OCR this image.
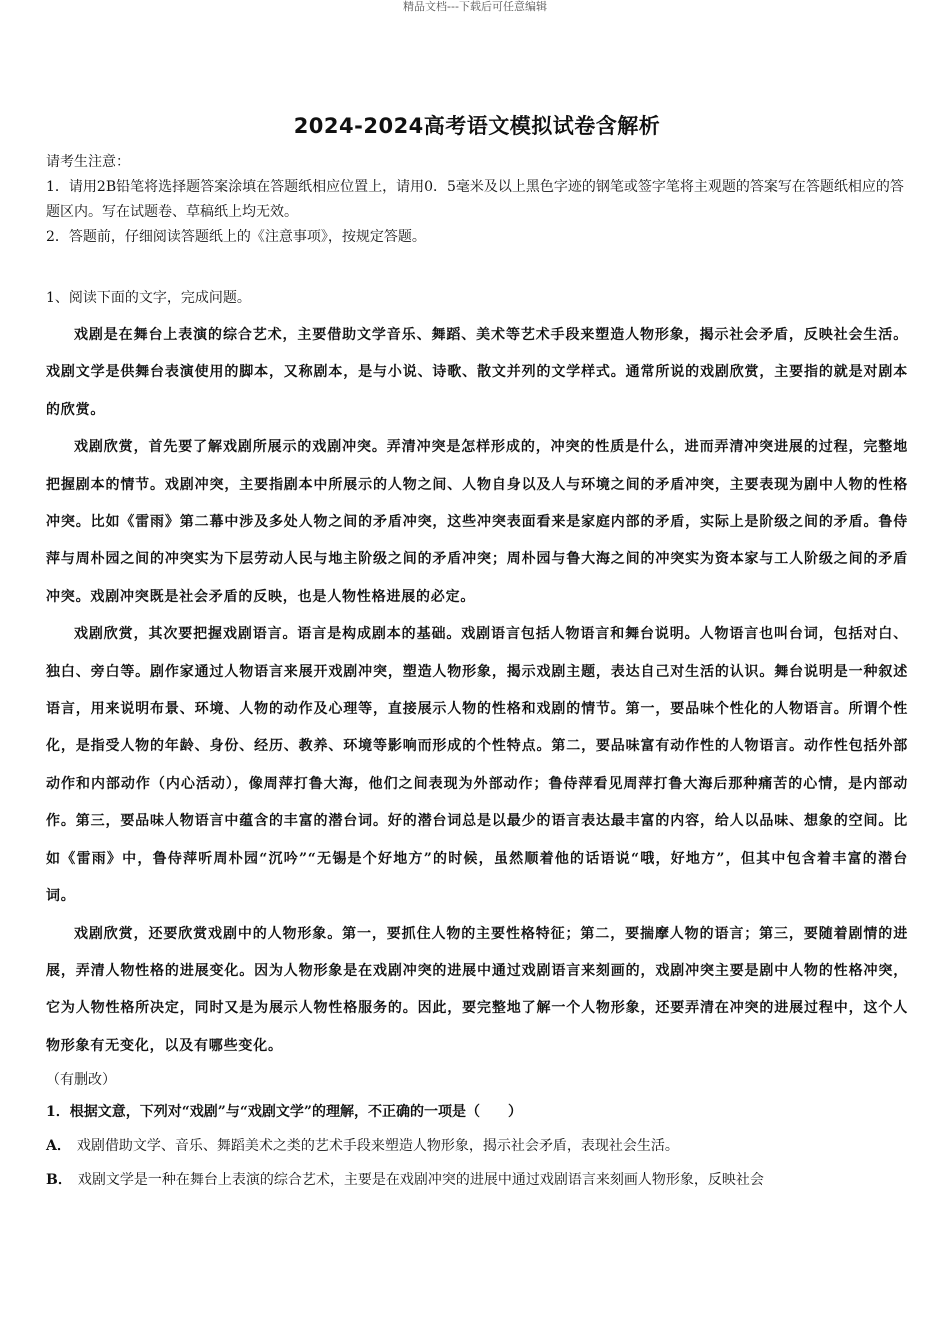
精品文档---下载后可任意编辑
2024-2024高考语文模拟试卷含解析

请考生注意：

1．请用2B铅笔将选择题答案涂填在答题纸相应位置上，请用0．5毫米及以上黑色字迹的钢笔或签字笔将主观题的答案写在答题纸相应的答题区内。写在试题卷、草稿纸上均无效。

2．答题前，仔细阅读答题纸上的《注意事项》，按规定答题。

1、阅读下面的文字，完成问题。

戏剧是在舞台上表演的综合艺术，主要借助文学音乐、舞蹈、美术等艺术手段来塑造人物形象，揭示社会矛盾，反映社会生活。戏剧文学是供舞台表演使用的脚本，又称剧本，是与小说、诗歌、散文并列的文学样式。通常所说的戏剧欣赏，主要指的就是对剧本的欣赏。

戏剧欣赏，首先要了解戏剧所展示的戏剧冲突。弄清冲突是怎样形成的，冲突的性质是什么，进而弄清冲突进展的过程，完整地把握剧本的情节。戏剧冲突，主要指剧本中所展示的人物之间、人物自身以及人与环境之间的矛盾冲突，主要表现为剧中人物的性格冲突。比如《雷雨》第二幕中涉及多处人物之间的矛盾冲突，这些冲突表面看来是家庭内部的矛盾，实际上是阶级之间的矛盾。鲁侍萍与周朴园之间的冲突实为下层劳动人民与地主阶级之间的矛盾冲突；周朴园与鲁大海之间的冲突实为资本家与工人阶级之间的矛盾冲突。戏剧冲突既是社会矛盾的反映，也是人物性格进展的必定。

戏剧欣赏，其次要把握戏剧语言。语言是构成剧本的基础。戏剧语言包括人物语言和舞台说明。人物语言也叫台词，包括对白、独白、旁白等。剧作家通过人物语言来展开戏剧冲突，塑造人物形象，揭示戏剧主题，表达自己对生活的认识。舞台说明是一种叙述语言，用来说明布景、环境、人物的动作及心理等，直接展示人物的性格和戏剧的情节。第一，要品味个性化的人物语言。所谓个性化，是指受人物的年龄、身份、经历、教养、环境等影响而形成的个性特点。第二，要品味富有动作性的人物语言。动作性包括外部动作和内部动作（内心活动），像周萍打鲁大海，他们之间表现为外部动作；鲁侍萍看见周萍打鲁大海后那种痛苦的心情，是内部动作。第三，要品味人物语言中蕴含的丰富的潜台词。好的潜台词总是以最少的语言表达最丰富的内容，给人以品味、想象的空间。比如《雷雨》中，鲁侍萍听周朴园“沉吟”“无锡是个好地方”的时候，虽然顺着他的话语说“哦，好地方”，但其中包含着丰富的潜台词。

戏剧欣赏，还要欣赏戏剧中的人物形象。第一，要抓住人物的主要性格特征；第二，要揣摩人物的语言；第三，要随着剧情的进展，弄清人物性格的进展变化。因为人物形象是在戏剧冲突的进展中通过戏剧语言来刻画的，戏剧冲突主要是剧中人物的性格冲突，它为人物性格所决定，同时又是为展示人物性格服务的。因此，要完整地了解一个人物形象，还要弄清在冲突的进展过程中，这个人物形象有无变化，以及有哪些变化。

（有删改）

1．根据文意，下列对“戏剧”与“戏剧文学”的理解，不正确的一项是（　　）

A． 戏剧借助文学、音乐、舞蹈美术之类的艺术手段来塑造人物形象，揭示社会矛盾，表现社会生活。

B． 戏剧文学是一种在舞台上表演的综合艺术，主要是在戏剧冲突的进展中通过戏剧语言来刻画人物形象，反映社会
